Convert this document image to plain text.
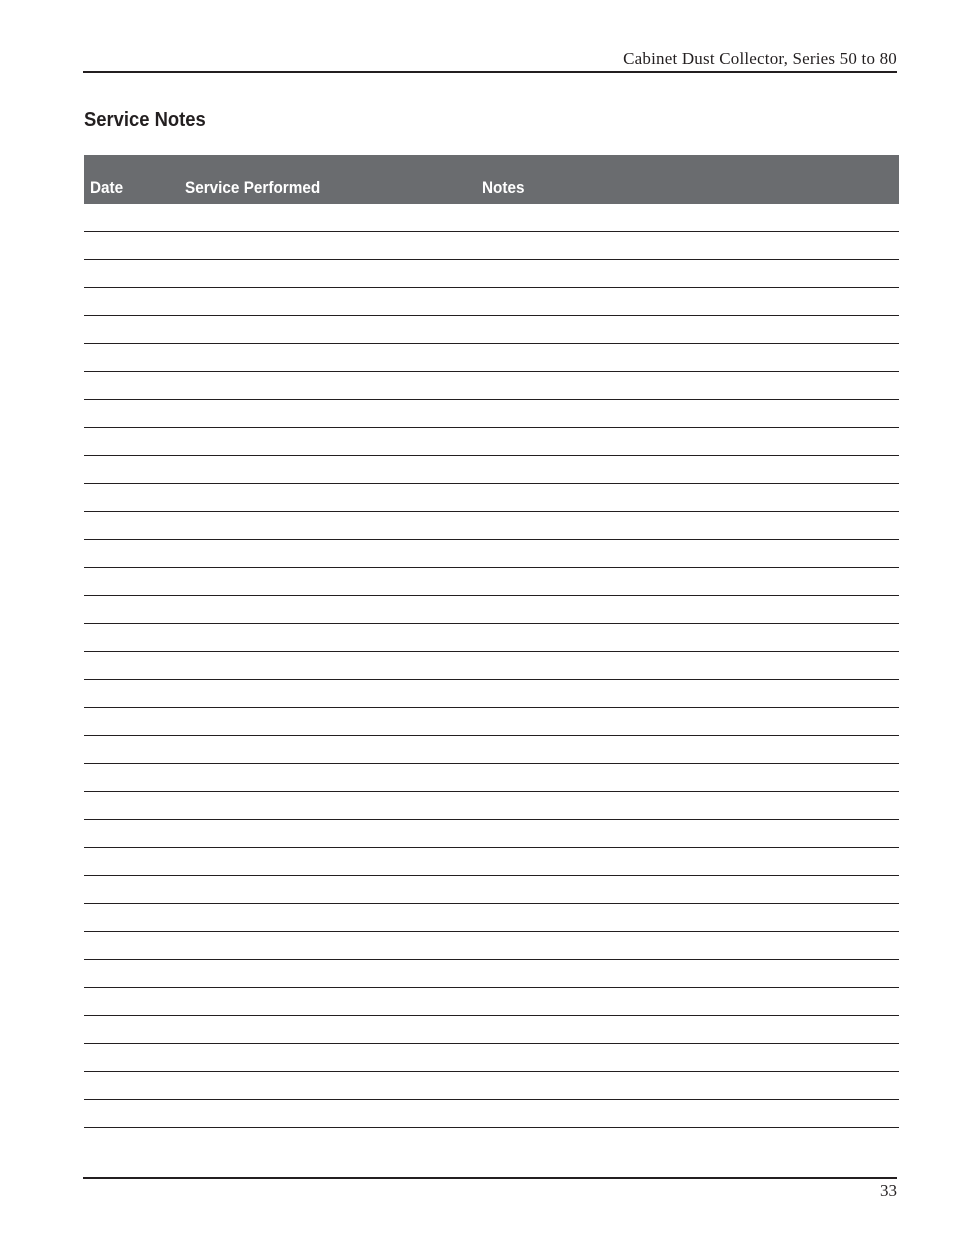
Cabinet Dust Collector, Series 50 to 80
Service Notes
Date	Service Performed	Notes
33
